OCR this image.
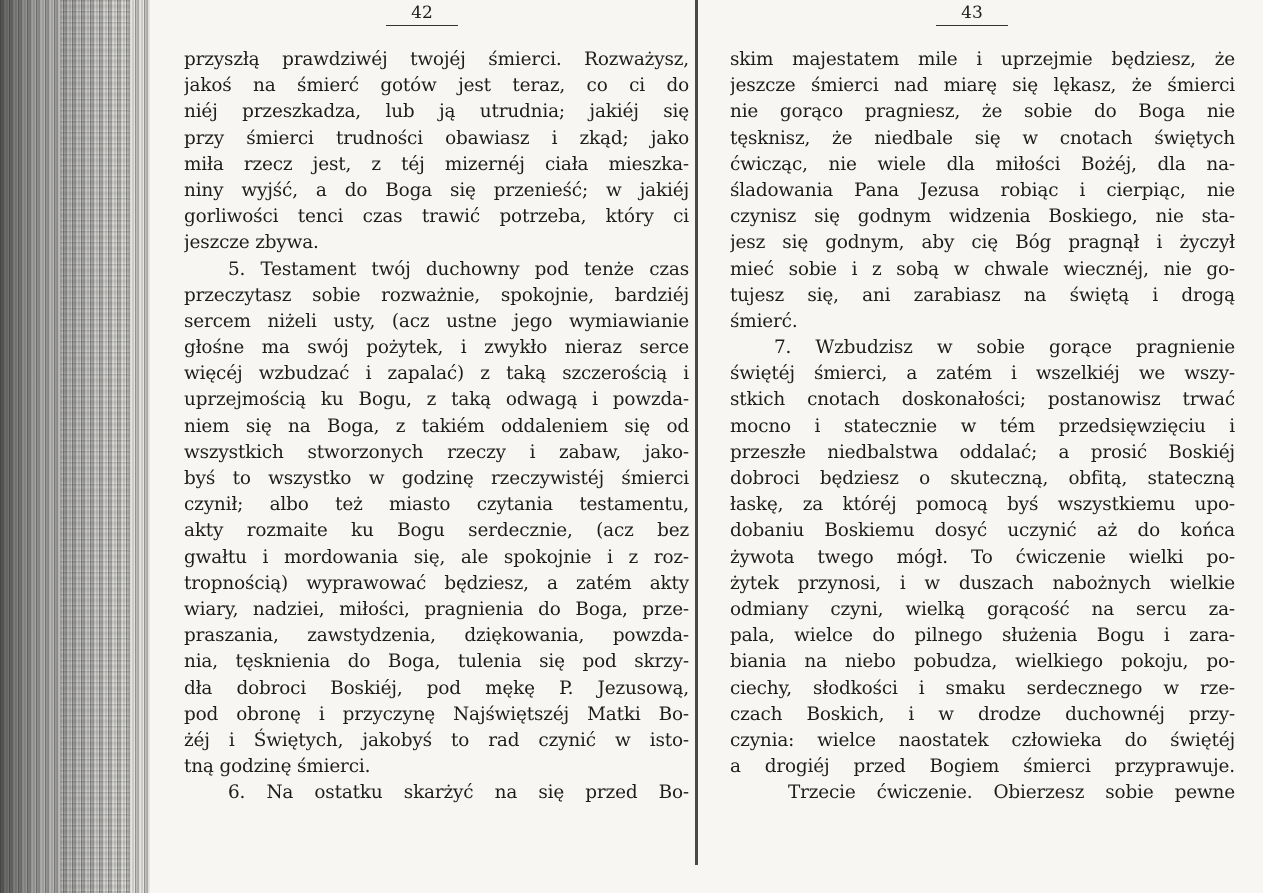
42
przyszłą prawdziwéj twojéj śmierci. Rozważysz,
jakoś na śmierć gotów jest teraz, co ci do
niéj przeszkadza, lub ją utrudnia; jakiéj się
przy śmierci trudności obawiasz i zkąd; jako
miła rzecz jest, z téj mizernéj ciała mieszka-
niny wyjść, a do Boga się przenieść; w jakiéj
gorliwości tenci czas trawić potrzeba, który ci
jeszcze zbywa.
5. Testament twój duchowny pod tenże czas
przeczytasz sobie rozważnie, spokojnie, bardziéj
sercem niżeli usty, (acz ustne jego wymiawianie
głośne ma swój pożytek, i zwykło nieraz serce
więcéj wzbudzać i zapalać) z taką szczerością i
uprzejmością ku Bogu, z taką odwagą i powzda-
niem się na Boga, z takiém oddaleniem się od
wszystkich stworzonych rzeczy i zabaw, jako-
byś to wszystko w godzinę rzeczywistéj śmierci
czynił; albo też miasto czytania testamentu,
akty rozmaite ku Bogu serdecznie, (acz bez
gwałtu i mordowania się, ale spokojnie i z roz-
tropnością) wyprawować będziesz, a zatém akty
wiary, nadziei, miłości, pragnienia do Boga, prze-
praszania, zawstydzenia, dziękowania, powzda-
nia, tęsknienia do Boga, tulenia się pod skrzy-
dła dobroci Boskiéj, pod mękę P. Jezusową,
pod obronę i przyczynę Najświętszéj Matki Bo-
żéj i Świętych, jakobyś to rad czynić w isto-
tną godzinę śmierci.
6. Na ostatku skarżyć na się przed Bo-
43
skim majestatem mile i uprzejmie będziesz, że
jeszcze śmierci nad miarę się lękasz, że śmierci
nie gorąco pragniesz, że sobie do Boga nie
tęsknisz, że niedbale się w cnotach świętych
ćwicząc, nie wiele dla miłości Bożéj, dla na-
śladowania Pana Jezusa robiąc i cierpiąc, nie
czynisz się godnym widzenia Boskiego, nie sta-
jesz się godnym, aby cię Bóg pragnął i życzył
mieć sobie i z sobą w chwale wiecznéj, nie go-
tujesz się, ani zarabiasz na świętą i drogą
śmierć.
7. Wzbudzisz w sobie gorące pragnienie
świętéj śmierci, a zatém i wszelkiéj we wszy-
stkich cnotach doskonałości; postanowisz trwać
mocno i statecznie w tém przedsięwzięciu i
przeszłe niedbalstwa oddalać; a prosić Boskiéj
dobroci będziesz o skuteczną, obfitą, stateczną
łaskę, za któréj pomocą byś wszystkiemu upo-
dobaniu Boskiemu dosyć uczynić aż do końca
żywota twego mógł. To ćwiczenie wielki po-
żytek przynosi, i w duszach nabożnych wielkie
odmiany czyni, wielką gorącość na sercu za-
pala, wielce do pilnego służenia Bogu i zara-
biania na niebo pobudza, wielkiego pokoju, po-
ciechy, słodkości i smaku serdecznego w rze-
czach Boskich, i w drodze duchownéj przy-
czynia: wielce naostatek człowieka do świętéj
a drogiéj przed Bogiem śmierci przyprawuje.
Trzecie ćwiczenie. Obierzesz sobie pewne
